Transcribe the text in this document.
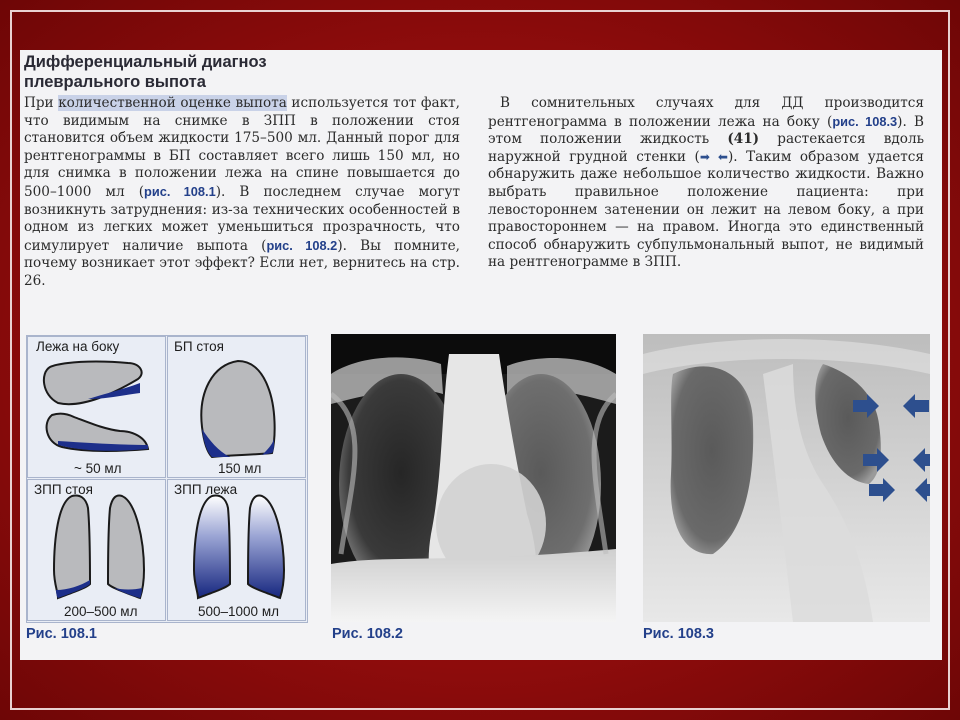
Дифференциальный диагноз
плеврального выпота
При количественной оценке выпота используется тот факт, что видимым на снимке в ЗПП в положении стоя становится объем жидкости 175–500 мл. Данный порог для рентгенограммы в БП составляет всего лишь 150 мл, но для снимка в положении лежа на спине повышается до 500–1000 мл (рис. 108.1). В последнем случае могут возникнуть затруднения: из-за технических особенностей в одном из легких может уменьшиться прозрачность, что симулирует наличие выпота (рис. 108.2). Вы помните, почему возникает этот эффект? Если нет, вернитесь на стр. 26.
В сомнительных случаях для ДД производится рентгенограмма в положении лежа на боку (рис. 108.3). В этом положении жидкость (41) растекается вдоль наружной грудной стенки (➡ ⬅). Таким образом удается обнаружить даже небольшое количество жидкости. Важно выбрать правильное положение пациента: при левостороннем затенении он лежит на левом боку, а при правостороннем — на правом. Иногда это единственный способ обнаружить субпульмональный выпот, не видимый на рентгенограмме в ЗПП.
Лежа на боку
~ 50 мл
БП стоя
150 мл
ЗПП стоя
200–500 мл
ЗПП лежа
500–1000 мл
Рис. 108.1	Рис. 108.2	Рис. 108.3
